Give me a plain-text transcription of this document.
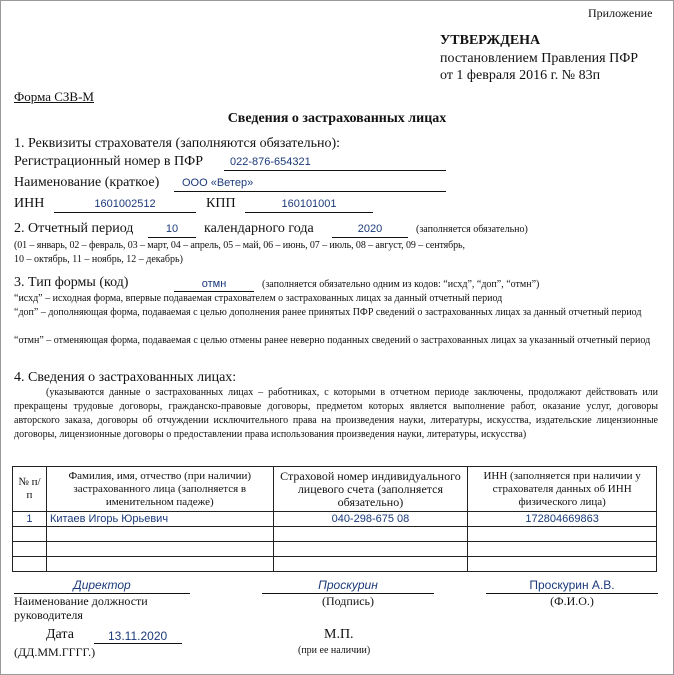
Приложение
УТВЕРЖДЕНА
постановлением Правления ПФР
от 1 февраля 2016 г. № 83п
Форма СЗВ-М
Сведения о застрахованных лицах
1. Реквизиты страхователя (заполняются обязательно):
Регистрационный номер в ПФР 022-876-654321
Наименование (краткое) ООО «Ветер»
ИНН	1601002512	КПП	160101001
2. Отчетный период	10	календарного года	2020	(заполняется обязательно)
(01 – январь, 02 – февраль, 03 – март, 04 – апрель, 05 – май, 06 – июнь, 07 – июль, 08 – август, 09 – сентябрь,
10 – октябрь, 11 – ноябрь, 12 – декабрь)
3. Тип формы (код)	отмн	(заполняется обязательно одним из кодов: “исхд”, “доп”, “отмн”)
“исхд” – исходная форма, впервые подаваемая страхователем о застрахованных лицах за данный отчетный период
“доп” – дополняющая форма, подаваемая с целью дополнения ранее принятых ПФР сведений о застрахованных лицах за данный отчетный период
“отмн” – отменяющая форма, подаваемая с целью отмены ранее неверно поданных сведений о застрахованных лицах за указанный отчетный период
4. Сведения о застрахованных лицах:
(указываются данные о застрахованных лицах – работниках, с которыми в отчетном периоде заключены, продолжают действовать или прекращены трудовые договоры, гражданско-правовые договоры, предметом которых является выполнение работ, оказание услуг, договоры авторского заказа, договоры об отчуждении исключительного права на произведения науки, литературы, искусства, издательские лицензионные договоры, лицензионные договоры о предоставлении права использования произведения науки, литературы, искусства)
№ п/п	Фамилия, имя, отчество (при наличии) застрахованного лица (заполняется в именительном падеже)	Страховой номер индивидуального лицевого счета (заполняется обязательно)	ИНН (заполняется при наличии у страхователя данных об ИНН физического лица)
1	Китаев Игорь Юрьевич	040-298-675 08	172804669863

Директор
Наименование должности руководителя
Проскурин
(Подпись)
Проскурин А.В.
(Ф.И.О.)
Дата	13.11.2020
(ДД.ММ.ГГГГ.)
М.П.
(при ее наличии)
